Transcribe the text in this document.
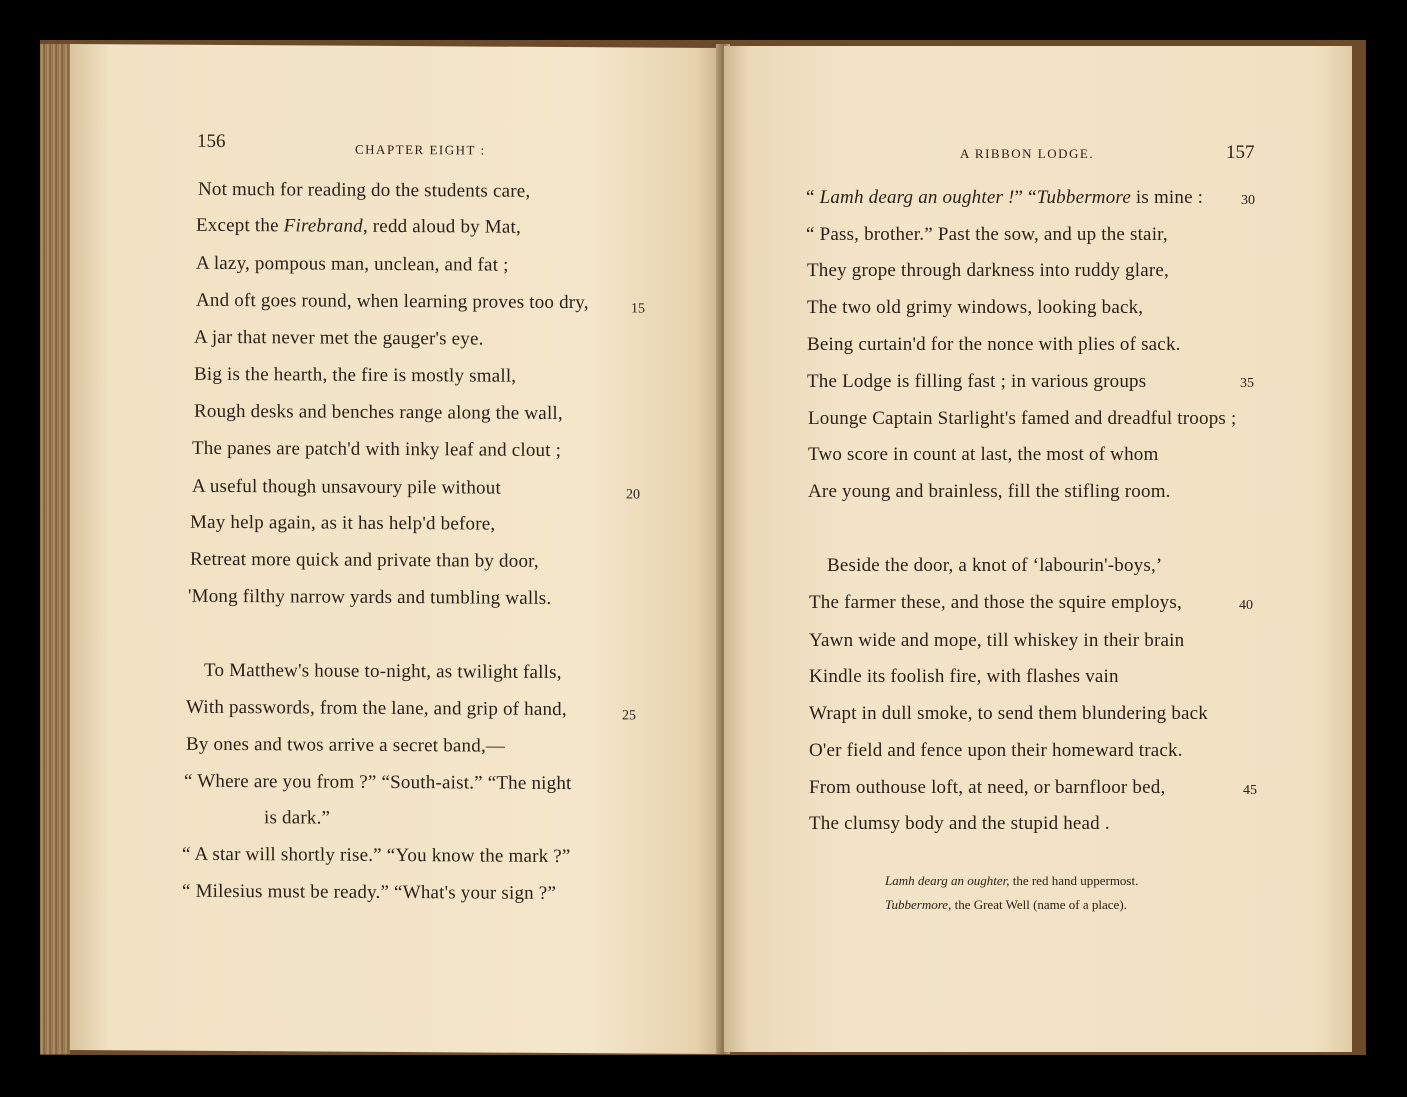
156	CHAPTER EIGHT :
Not much for reading do the students care,
Except the Firebrand, redd aloud by Mat,
A lazy, pompous man, unclean, and fat ;
And oft goes round, when learning proves too dry,	15
A jar that never met the gauger's eye.
Big is the hearth, the fire is mostly small,
Rough desks and benches range along the wall,
The panes are patch'd with inky leaf and clout ;
A useful though unsavoury pile without	20
May help again, as it has help'd before,
Retreat more quick and private than by door,
'Mong filthy narrow yards and tumbling walls.
To Matthew's house to-night, as twilight falls,
With passwords, from the lane, and grip of hand,	25
By ones and twos arrive a secret band,—
“ Where are you from ?” “South-aist.” “The night
is dark.”
“ A star will shortly rise.” “You know the mark ?”
“ Milesius must be ready.” “What's your sign ?”
A RIBBON LODGE.	157
“ Lamh dearg an oughter !” “Tubbermore is mine :	30
“ Pass, brother.” Past the sow, and up the stair,
They grope through darkness into ruddy glare,
The two old grimy windows, looking back,
Being curtain'd for the nonce with plies of sack.
The Lodge is filling fast ; in various groups	35
Lounge Captain Starlight's famed and dreadful troops ;
Two score in count at last, the most of whom
Are young and brainless, fill the stifling room.
Beside the door, a knot of ‘labourin'-boys,’
The farmer these, and those the squire employs,	40
Yawn wide and mope, till whiskey in their brain
Kindle its foolish fire, with flashes vain
Wrapt in dull smoke, to send them blundering back
O'er field and fence upon their homeward track.
From outhouse loft, at need, or barnfloor bed,	45
The clumsy body and the stupid head .
Lamh dearg an oughter, the red hand uppermost.
Tubbermore, the Great Well (name of a place).
